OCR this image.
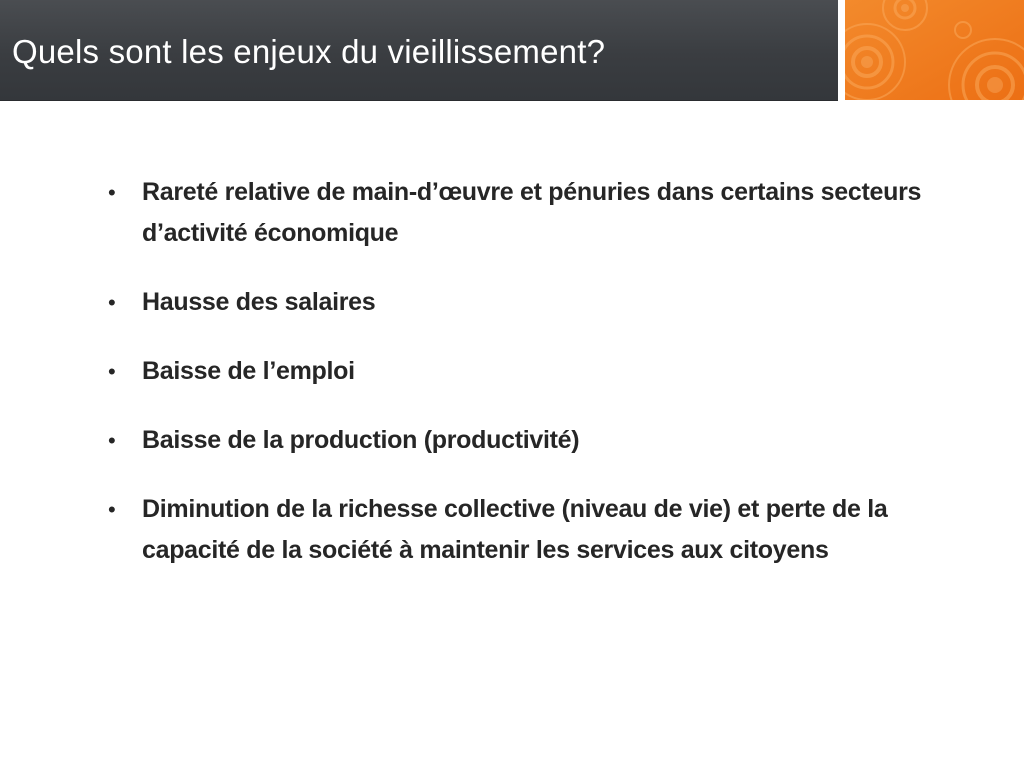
Quels sont les enjeux du vieillissement?
• Rareté relative de main-d’œuvre et pénuries dans certains secteurs d’activité économique
• Hausse des salaires
• Baisse de l’emploi
• Baisse de la production (productivité)
• Diminution de la richesse collective (niveau de vie) et perte de la capacité de la société à maintenir les services aux citoyens
